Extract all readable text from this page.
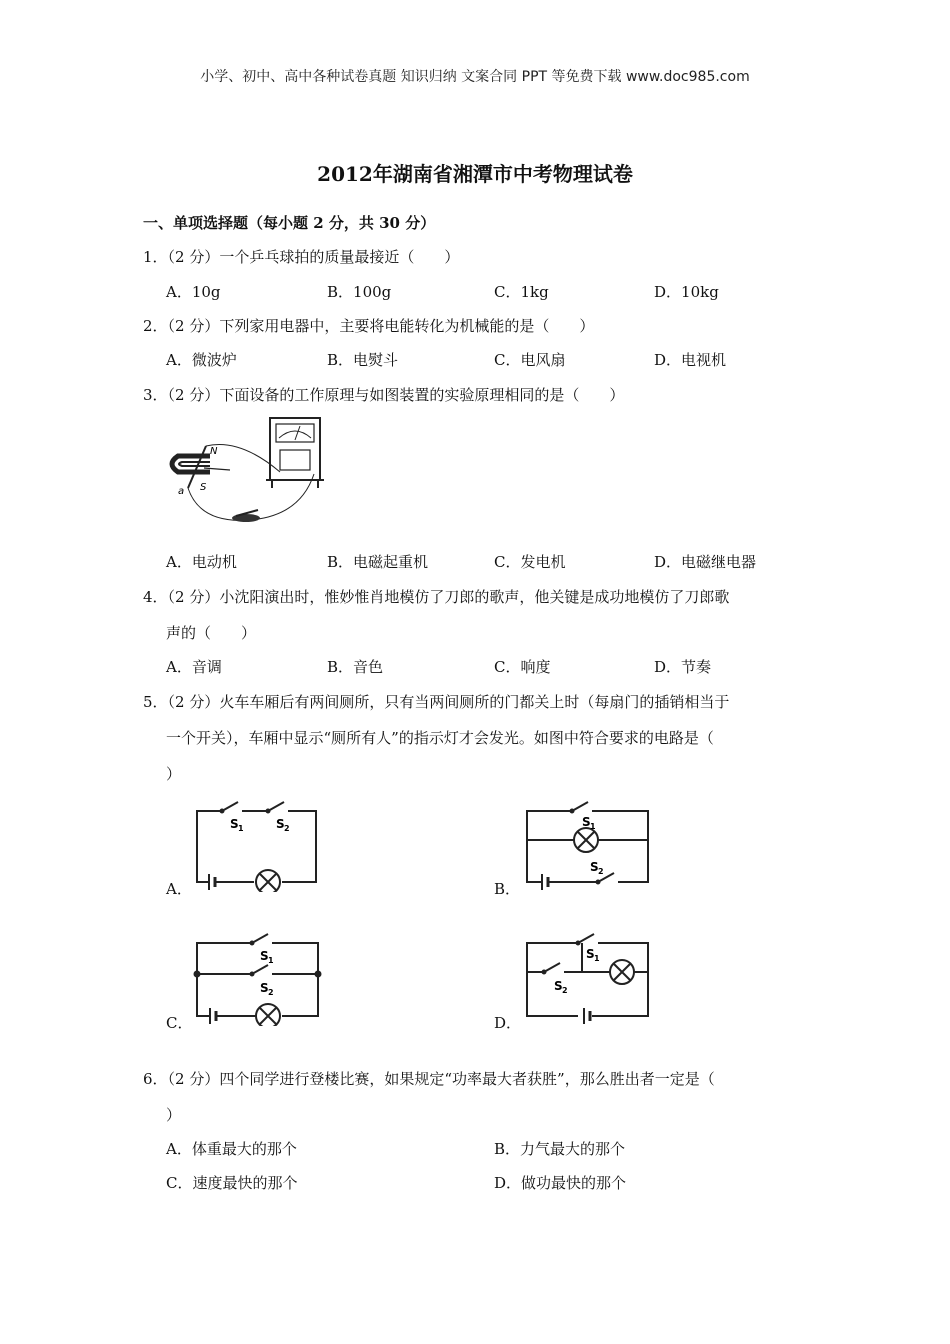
小学、初中、高中各种试卷真题 知识归纳 文案合同 PPT 等免费下载 www.doc985.com
2012年湖南省湘潭市中考物理试卷
一、单项选择题（每小题 2 分，共 30 分）
1．（2 分）一个乒乓球拍的质量最接近（　　）
A．10g	B．100g	C．1kg	D．10kg
2．（2 分）下列家用电器中，主要将电能转化为机械能的是（　　）
A．微波炉	B．电熨斗	C．电风扇	D．电视机
3．（2 分）下面设备的工作原理与如图装置的实验原理相同的是（　　）
N
S
a
A．电动机	B．电磁起重机	C．发电机	D．电磁继电器
4．（2 分）小沈阳演出时，惟妙惟肖地模仿了刀郎的歌声，他关键是成功地模仿了刀郎歌
声的（　　）
A．音调	B．音色	C．响度	D．节奏
5．（2 分）火车车厢后有两间厕所，只有当两间厕所的门都关上时（每扇门的插销相当于
一个开关），车厢中显示“厕所有人”的指示灯才会发光。如图中符合要求的电路是（
）
A．
S 1	S 2
B．
S 1
S 2
C．
S 1
S 2
D．
S 1
S 2
6．（2 分）四个同学进行登楼比赛，如果规定“功率最大者获胜”，那么胜出者一定是（
）
A．体重最大的那个	B．力气最大的那个
C．速度最快的那个	D．做功最快的那个
